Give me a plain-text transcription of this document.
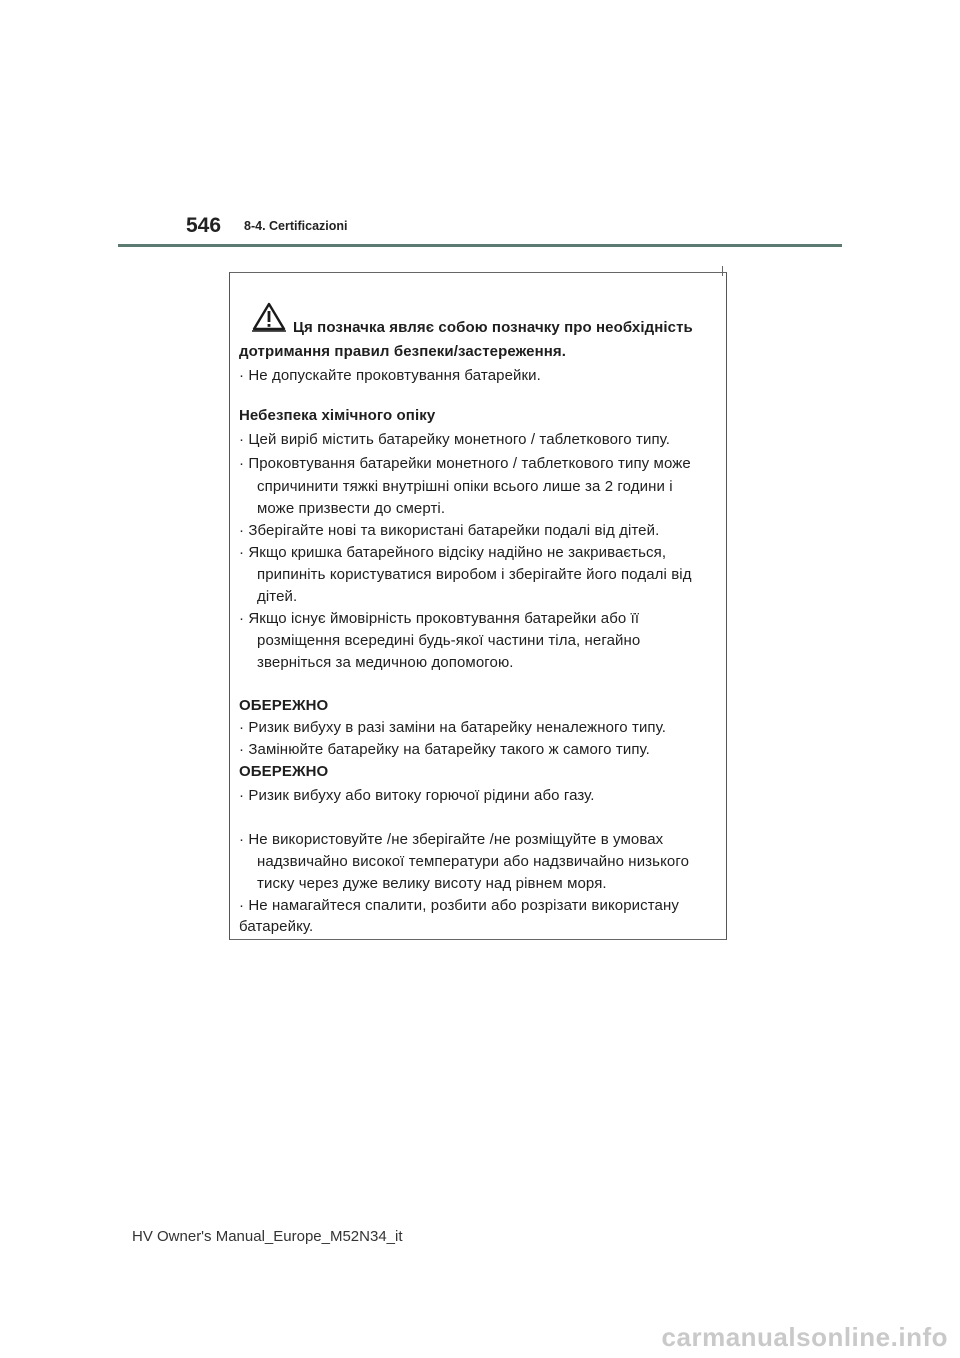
546 8-4. Certificazioni
Ця позначка являє собою позначку про необхідність
дотримання правил безпеки/застереження.
· Не допускайте проковтування батарейки.
Небезпека хімічного опіку
· Цей виріб містить батарейку монетного / таблеткового типу.
· Проковтування батарейки монетного / таблеткового типу може
спричинити тяжкі внутрішні опіки всього лише за 2 години і
може призвести до смерті.
· Зберігайте нові та використані батарейки подалі від дітей.
· Якщо кришка батарейного відсіку надійно не закривається,
припиніть користуватися виробом і зберігайте його подалі від
дітей.
· Якщо існує ймовірність проковтування батарейки або її
розміщення всередині будь-якої частини тіла, негайно
зверніться за медичною допомогою.
ОБЕРЕЖНО
· Ризик вибуху в разі заміни на батарейку неналежного типу.
· Замінюйте батарейку на батарейку такого ж самого типу.
ОБЕРЕЖНО
· Ризик вибуху або витоку горючої рідини або газу.
· Не використовуйте /не зберігайте /не розміщуйте в умовах
надзвичайно високої температури або надзвичайно низького
тиску через дуже велику висоту над рівнем моря.
· Не намагайтеся спалити, розбити або розрізати використану
батарейку.
HV Owner's Manual_Europe_M52N34_it
carmanualsonline.info
